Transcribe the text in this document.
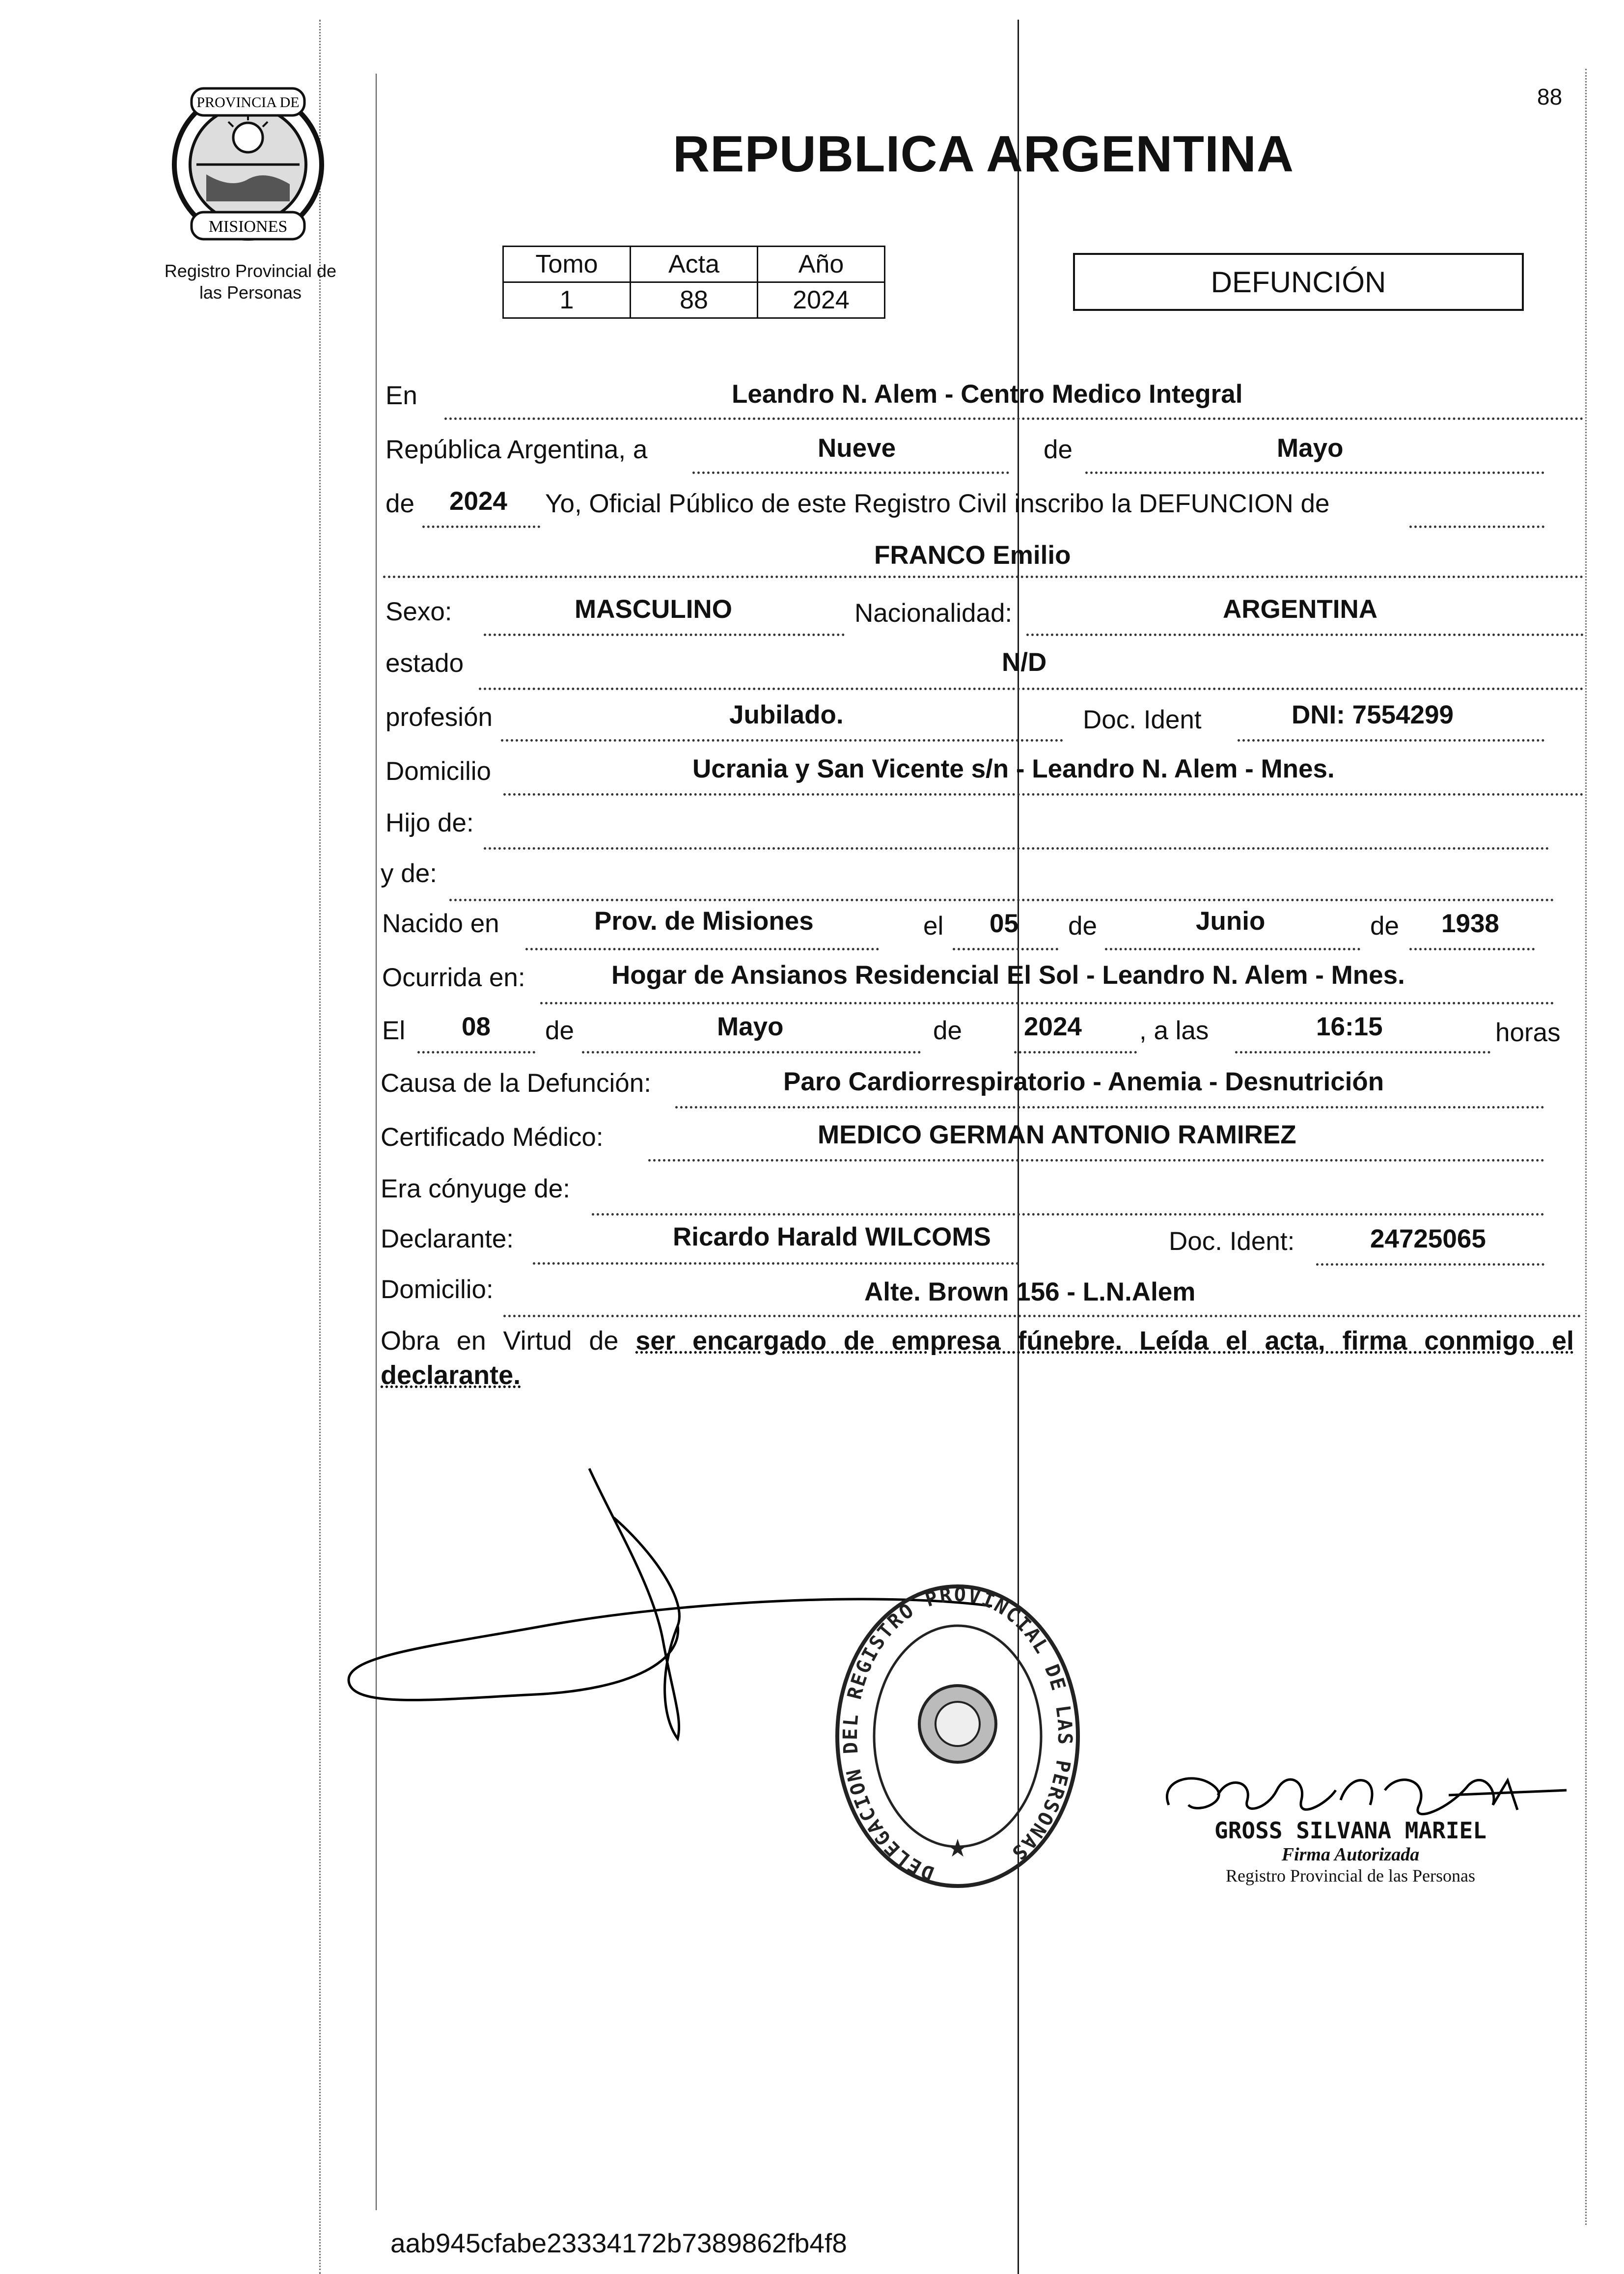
88
PROVINCIA DE
MISIONES
Registro Provincial de
las Personas
REPUBLICA ARGENTINA
Tomo	Acta	Año
1	88	2024
DEFUNCIÓN
En	Leandro N. Alem - Centro Medico Integral
República Argentina, a	Nueve	de	Mayo
de 2024 Yo, Oficial Público de este Registro Civil inscribo la DEFUNCION de
FRANCO Emilio
Sexo:	MASCULINO	Nacionalidad:	ARGENTINA
estado	N/D
profesión	Jubilado.	Doc. Ident	DNI: 7554299
Domicilio	Ucrania y San Vicente s/n - Leandro N. Alem - Mnes.
Hijo de:
y de:
Nacido en	Prov. de Misiones	el 05 de	Junio	de 1938
Ocurrida en:	Hogar de Ansianos Residencial El Sol - Leandro N. Alem - Mnes.
El 08 de	Mayo	de 2024 , a las	16:15	horas
Causa de la Defunción:	Paro Cardiorrespiratorio - Anemia - Desnutrición
Certificado Médico:	MEDICO GERMAN ANTONIO RAMIREZ
Era cónyuge de:
Declarante:	Ricardo Harald WILCOMS	Doc. Ident:	24725065
Domicilio:	Alte. Brown 156 - L.N.Alem
Obra en Virtud de ser encargado de empresa fúnebre. Leída el acta, firma conmigo el declarante.
DELEGACION DEL REGISTRO PROVINCIAL DE LAS PERSONAS
★
GROSS SILVANA MARIEL
Firma Autorizada
Registro Provincial de las Personas
aab945cfabe23334172b7389862fb4f8
